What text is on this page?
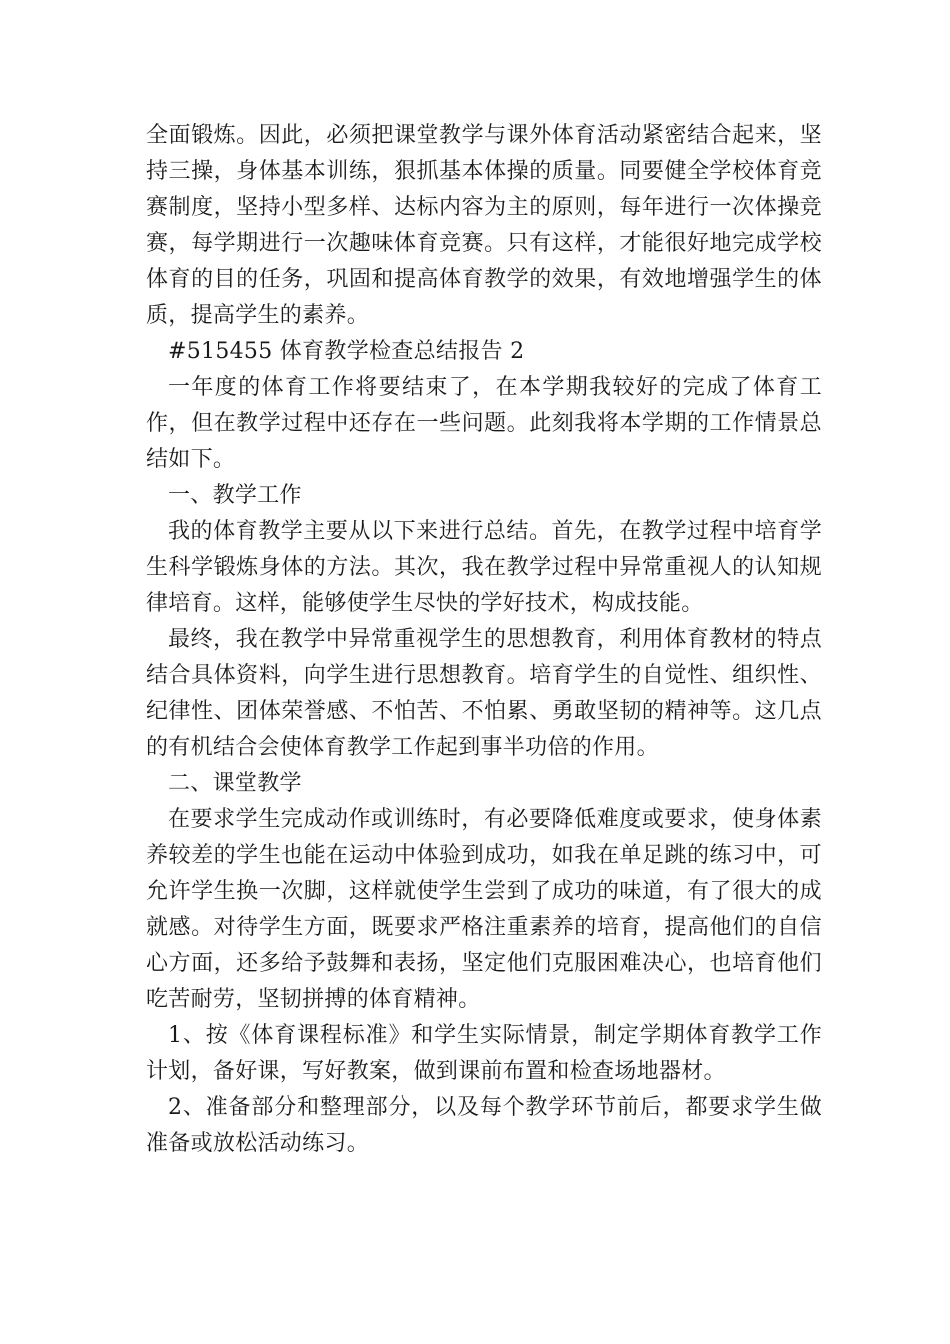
全面锻炼。因此，必须把课堂教学与课外体育活动紧密结合起来，坚持三操，身体基本训练，狠抓基本体操的质量。同要健全学校体育竞赛制度，坚持小型多样、达标内容为主的原则，每年进行一次体操竞赛，每学期进行一次趣味体育竞赛。只有这样，才能很好地完成学校体育的目的任务，巩固和提高体育教学的效果，有效地增强学生的体质，提高学生的素养。

#515455 体育教学检查总结报告 2

一年度的体育工作将要结束了，在本学期我较好的完成了体育工作，但在教学过程中还存在一些问题。此刻我将本学期的工作情景总结如下。

一、教学工作

我的体育教学主要从以下来进行总结。首先，在教学过程中培育学生科学锻炼身体的方法。其次，我在教学过程中异常重视人的认知规律培育。这样，能够使学生尽快的学好技术，构成技能。

最终，我在教学中异常重视学生的思想教育，利用体育教材的特点结合具体资料，向学生进行思想教育。培育学生的自觉性、组织性、纪律性、团体荣誉感、不怕苦、不怕累、勇敢坚韧的精神等。这几点的有机结合会使体育教学工作起到事半功倍的作用。

二、课堂教学

在要求学生完成动作或训练时，有必要降低难度或要求，使身体素养较差的学生也能在运动中体验到成功，如我在单足跳的练习中，可允许学生换一次脚，这样就使学生尝到了成功的味道，有了很大的成就感。对待学生方面，既要求严格注重素养的培育，提高他们的自信心方面，还多给予鼓舞和表扬，坚定他们克服困难决心，也培育他们吃苦耐劳，坚韧拼搏的体育精神。

1、按《体育课程标准》和学生实际情景，制定学期体育教学工作计划，备好课，写好教案，做到课前布置和检查场地器材。

2、准备部分和整理部分，以及每个教学环节前后，都要求学生做准备或放松活动练习。
